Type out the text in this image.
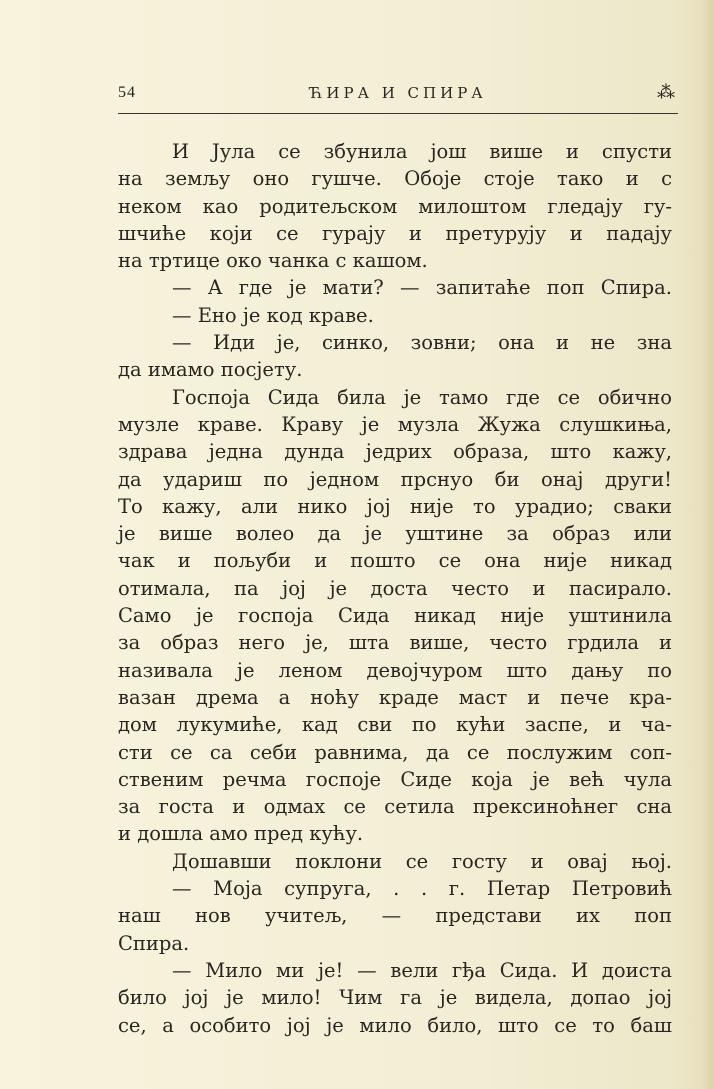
54	ЋИРА И СПИРА	⁂
И Јула се збунила још више и спусти
на земљу оно гушче. Обоје стоје тако и с
неком као родитељском милоштом гледају гу-
шчиће који се гурају и претурују и падају
на тртице око чанка с кашом.
— А где је мати? — запитаће поп Спира.
— Ено је код краве.
— Иди је, синко, зовни; она и не зна
да имамо посјету.
Госпоја Сида била је тамо где се обично
музле краве. Краву је музла Жужа слушкиња,
здрава једна дунда једрих образа, што кажу,
да удариш по једном прснуо би онај други!
То кажу, али нико јој није то урадио; сваки
је више волео да је уштине за образ или
чак и пољуби и пошто се она није никад
отимала, па јој је доста често и пасирало.
Само је госпоја Сида никад није уштинила
за образ него је, шта више, често грдила и
називала је леном девојчуром што дању по
вазан дрема а ноћу краде маст и пече кра-
дом лукумиће, кад сви по кући заспе, и ча-
сти се са себи равнима, да се послужим соп-
ственим речма госпоје Сиде која је већ чула
за госта и одмах се сетила прексиноћнег сна
и дошла амо пред кућу.
Дошавши поклони се госту и овај њој.
— Моја супруга, . . г. Петар Петровић
наш нов учитељ, — представи их поп
Спира.
— Мило ми је! — вели гђа Сида. И доиста
било јој је мило! Чим га је видела, допао јој
се, а особито јој је мило било, што се то баш
